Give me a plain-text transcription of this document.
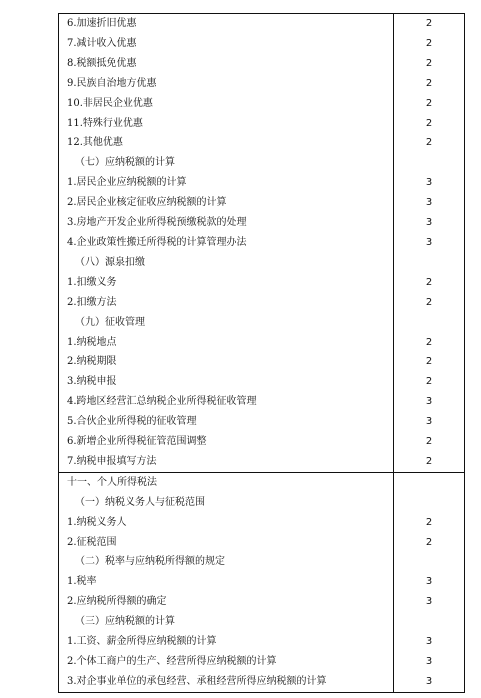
6.加速折旧优惠	2
7.减计收入优惠	2
8.税额抵免优惠	2
9.民族自治地方优惠	2
10.非居民企业优惠	2
11.特殊行业优惠	2
12.其他优惠	2
（七）应纳税额的计算	
1.居民企业应纳税额的计算	3
2.居民企业核定征收应纳税额的计算	3
3.房地产开发企业所得税预缴税款的处理	3
4.企业政策性搬迁所得税的计算管理办法	3
（八）源泉扣缴	
1.扣缴义务	2
2.扣缴方法	2
（九）征收管理	
1.纳税地点	2
2.纳税期限	2
3.纳税申报	2
4.跨地区经营汇总纳税企业所得税征收管理	3
5.合伙企业所得税的征收管理	3
6.新增企业所得税征管范围调整	2
7.纳税申报填写方法	2
十一、个人所得税法	
（一）纳税义务人与征税范围	
1.纳税义务人	2
2.征税范围	2
（二）税率与应纳税所得额的规定	
1.税率	3
2.应纳税所得额的确定	3
（三）应纳税额的计算	
1.工资、薪金所得应纳税额的计算	3
2.个体工商户的生产、经营所得应纳税额的计算	3
3.对企事业单位的承包经营、承租经营所得应纳税额的计算	3
